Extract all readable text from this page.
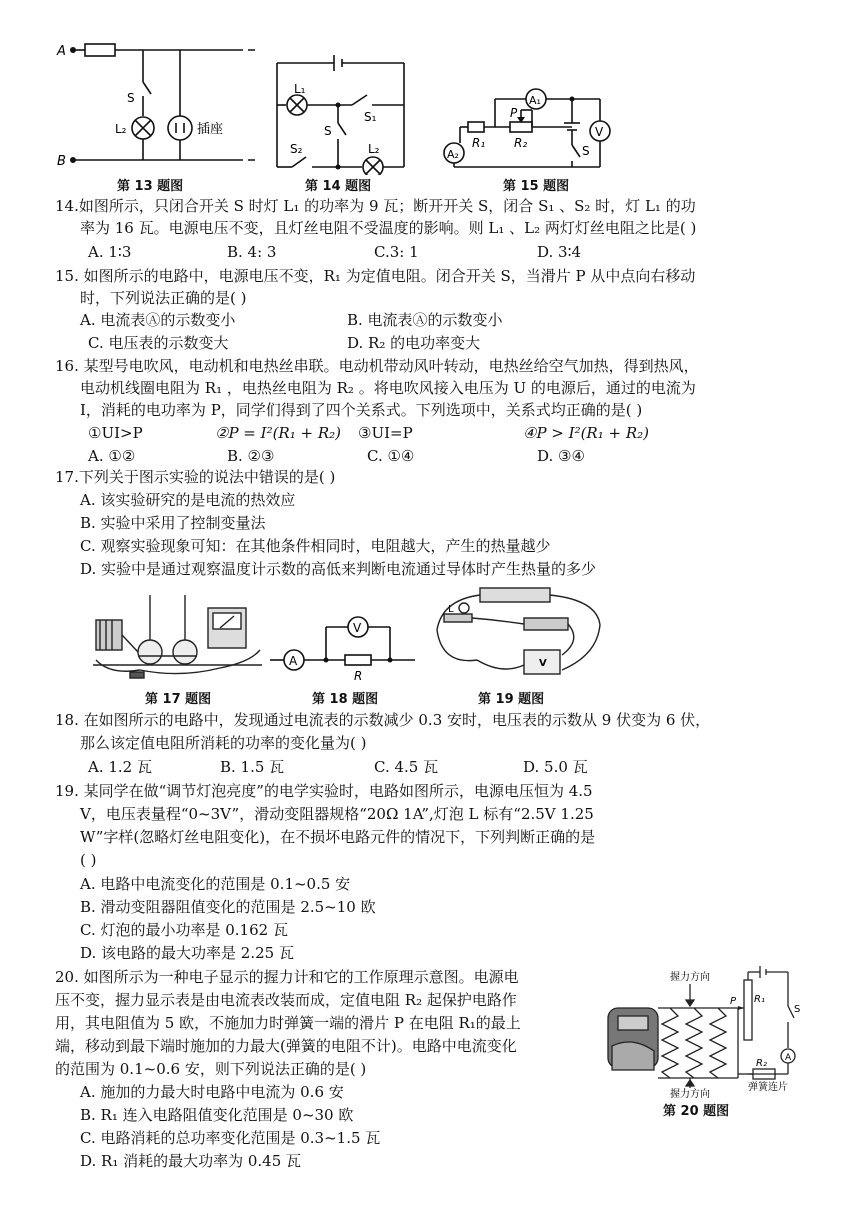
A
B
S
L₂	插座
第 13 题图
L₁
S₁
S
S₂	L₂
第 14 题图
A₁
V
A₂
P
R₁ R₂
S
第 15 题图
14.如图所示，只闭合开关 S 时灯 L₁ 的功率为 9 瓦；断开开关 S，闭合 S₁ 、S₂ 时，灯 L₁ 的功
率为 16 瓦。电源电压不变，且灯丝电阻不受温度的影响。则 L₁ 、L₂ 两灯灯丝电阻之比是( )
A. 1∶3	B. 4: 3	C.3: 1	D. 3∶4
15. 如图所示的电路中，电源电压不变，R₁ 为定值电阻。闭合开关 S，当滑片 P 从中点向右移动
时，下列说法正确的是( )
A. 电流表Ⓐ的示数变小	B. 电流表Ⓐ的示数变小
C. 电压表的示数变大	D. R₂ 的电功率变大
16. 某型号电吹风，电动机和电热丝串联。电动机带动风叶转动，电热丝给空气加热，得到热风，
电动机线圈电阻为 R₁ ，电热丝电阻为 R₂ 。将电吹风接入电压为 U 的电源后，通过的电流为
I，消耗的电功率为 P，同学们得到了四个关系式。下列选项中，关系式均正确的是( )
①UI>P	②P = I²(R₁ + R₂) ③UI=P	④P > I²(R₁ + R₂)
A. ①②	B. ②③	C. ①④	D. ③④
17.下列关于图示实验的说法中错误的是( )
A. 该实验研究的是电流的热效应
B. 实验中采用了控制变量法
C. 观察实验现象可知：在其他条件相同时，电阻越大，产生的热量越少
D. 实验中是通过观察温度计示数的高低来判断电流通过导体时产生热量的多少
第 17 题图
A
V
R
第 18 题图
L
V
第 19 题图
18. 在如图所示的电路中，发现通过电流表的示数减少 0.3 安时，电压表的示数从 9 伏变为 6 伏，
那么该定值电阻所消耗的功率的变化量为( )
A. 1.2 瓦	B. 1.5 瓦	C. 4.5 瓦	D. 5.0 瓦
19. 某同学在做“调节灯泡亮度”的电学实验时，电路如图所示，电源电压恒为 4.5
V，电压表量程“0~3V”，滑动变阻器规格“20Ω 1A”,灯泡 L 标有“2.5V 1.25
W”字样(忽略灯丝电阻变化)，在不损坏电路元件的情况下，下列判断正确的是
( )
A. 电路中电流变化的范围是 0.1~0.5 安
B. 滑动变阻器阻值变化的范围是 2.5~10 欧
C. 灯泡的最小功率是 0.162 瓦
D. 该电路的最大功率是 2.25 瓦
20. 如图所示为一种电子显示的握力计和它的工作原理示意图。电源电
压不变，握力显示表是由电流表改装而成，定值电阻 R₂ 起保护电路作
用，其电阻值为 5 欧，不施加力时弹簧一端的滑片 P 在电阻 R₁的最上
端，移动到最下端时施加的力最大(弹簧的电阻不计)。电路中电流变化
的范围为 0.1~0.6 安，则下列说法正确的是( )
A. 施加的力最大时电路中电流为 0.6 安
B. R₁ 连入电路阻值变化范围是 0~30 欧
C. 电路消耗的总功率变化范围是 0.3~1.5 瓦
D. R₁ 消耗的最大功率为 0.45 瓦
握力方向
握力方向
P R₁
S
A
R₂
弹簧连片
第 20 题图
